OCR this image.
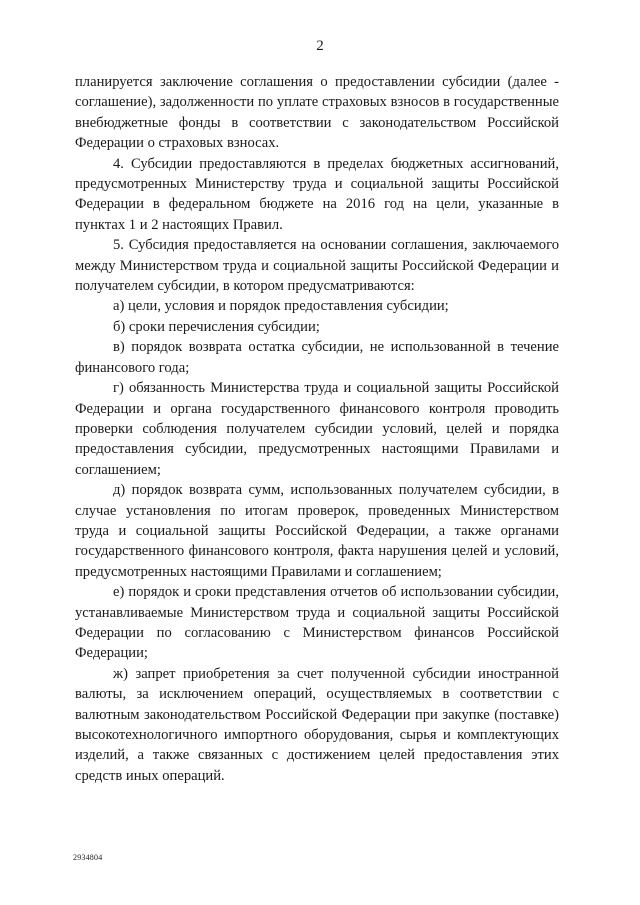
2

планируется заключение соглашения о предоставлении субсидии (далее - соглашение), задолженности по уплате страховых взносов в государственные внебюджетные фонды в соответствии с законодательством Российской Федерации о страховых взносах.

4. Субсидии предоставляются в пределах бюджетных ассигнований, предусмотренных Министерству труда и социальной защиты Российской Федерации в федеральном бюджете на 2016 год на цели, указанные в пунктах 1 и 2 настоящих Правил.

5. Субсидия предоставляется на основании соглашения, заключаемого между Министерством труда и социальной защиты Российской Федерации и получателем субсидии, в котором предусматриваются:

а) цели, условия и порядок предоставления субсидии;

б) сроки перечисления субсидии;

в) порядок возврата остатка субсидии, не использованной в течение финансового года;

г) обязанность Министерства труда и социальной защиты Российской Федерации и органа государственного финансового контроля проводить проверки соблюдения получателем субсидии условий, целей и порядка предоставления субсидии, предусмотренных настоящими Правилами и соглашением;

д) порядок возврата сумм, использованных получателем субсидии, в случае установления по итогам проверок, проведенных Министерством труда и социальной защиты Российской Федерации, а также органами государственного финансового контроля, факта нарушения целей и условий, предусмотренных настоящими Правилами и соглашением;

е) порядок и сроки представления отчетов об использовании субсидии, устанавливаемые Министерством труда и социальной защиты Российской Федерации по согласованию с Министерством финансов Российской Федерации;

ж) запрет приобретения за счет полученной субсидии иностранной валюты, за исключением операций, осуществляемых в соответствии с валютным законодательством Российской Федерации при закупке (поставке) высокотехнологичного импортного оборудования, сырья и комплектующих изделий, а также связанных с достижением целей предоставления этих средств иных операций.

2934804
